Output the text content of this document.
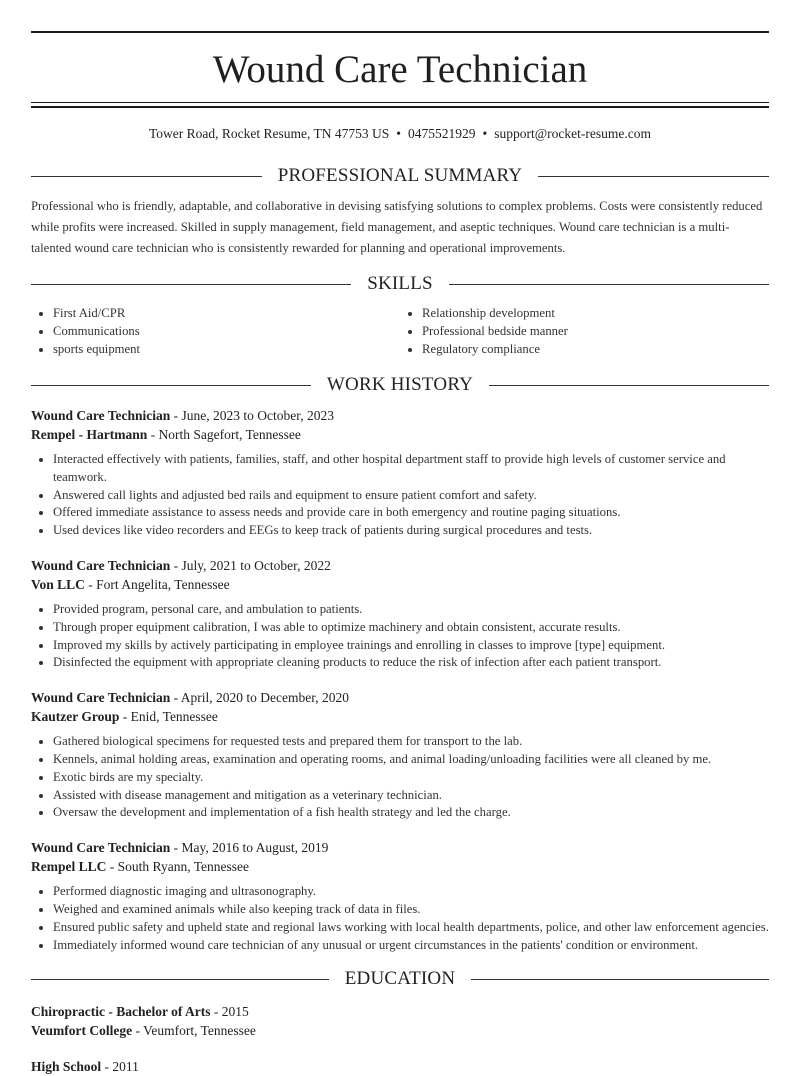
Wound Care Technician
Tower Road, Rocket Resume, TN 47753 US • 0475521929 • support@rocket-resume.com
PROFESSIONAL SUMMARY
Professional who is friendly, adaptable, and collaborative in devising satisfying solutions to complex problems. Costs were consistently reduced while profits were increased. Skilled in supply management, field management, and aseptic techniques. Wound care technician is a multi-talented wound care technician who is consistently rewarded for planning and operational improvements.
SKILLS
• First Aid/CPR
• Communications
• sports equipment
• Relationship development
• Professional bedside manner
• Regulatory compliance
WORK HISTORY
Wound Care Technician - June, 2023 to October, 2023
Rempel - Hartmann - North Sagefort, Tennessee
• Interacted effectively with patients, families, staff, and other hospital department staff to provide high levels of customer service and teamwork.
• Answered call lights and adjusted bed rails and equipment to ensure patient comfort and safety.
• Offered immediate assistance to assess needs and provide care in both emergency and routine paging situations.
• Used devices like video recorders and EEGs to keep track of patients during surgical procedures and tests.
Wound Care Technician - July, 2021 to October, 2022
Von LLC - Fort Angelita, Tennessee
• Provided program, personal care, and ambulation to patients.
• Through proper equipment calibration, I was able to optimize machinery and obtain consistent, accurate results.
• Improved my skills by actively participating in employee trainings and enrolling in classes to improve [type] equipment.
• Disinfected the equipment with appropriate cleaning products to reduce the risk of infection after each patient transport.
Wound Care Technician - April, 2020 to December, 2020
Kautzer Group - Enid, Tennessee
• Gathered biological specimens for requested tests and prepared them for transport to the lab.
• Kennels, animal holding areas, examination and operating rooms, and animal loading/unloading facilities were all cleaned by me.
• Exotic birds are my specialty.
• Assisted with disease management and mitigation as a veterinary technician.
• Oversaw the development and implementation of a fish health strategy and led the charge.
Wound Care Technician - May, 2016 to August, 2019
Rempel LLC - South Ryann, Tennessee
• Performed diagnostic imaging and ultrasonography.
• Weighed and examined animals while also keeping track of data in files.
• Ensured public safety and upheld state and regional laws working with local health departments, police, and other law enforcement agencies.
• Immediately informed wound care technician of any unusual or urgent circumstances in the patients' condition or environment.
EDUCATION
Chiropractic - Bachelor of Arts - 2015
Veumfort College - Veumfort, Tennessee
High School - 2011
